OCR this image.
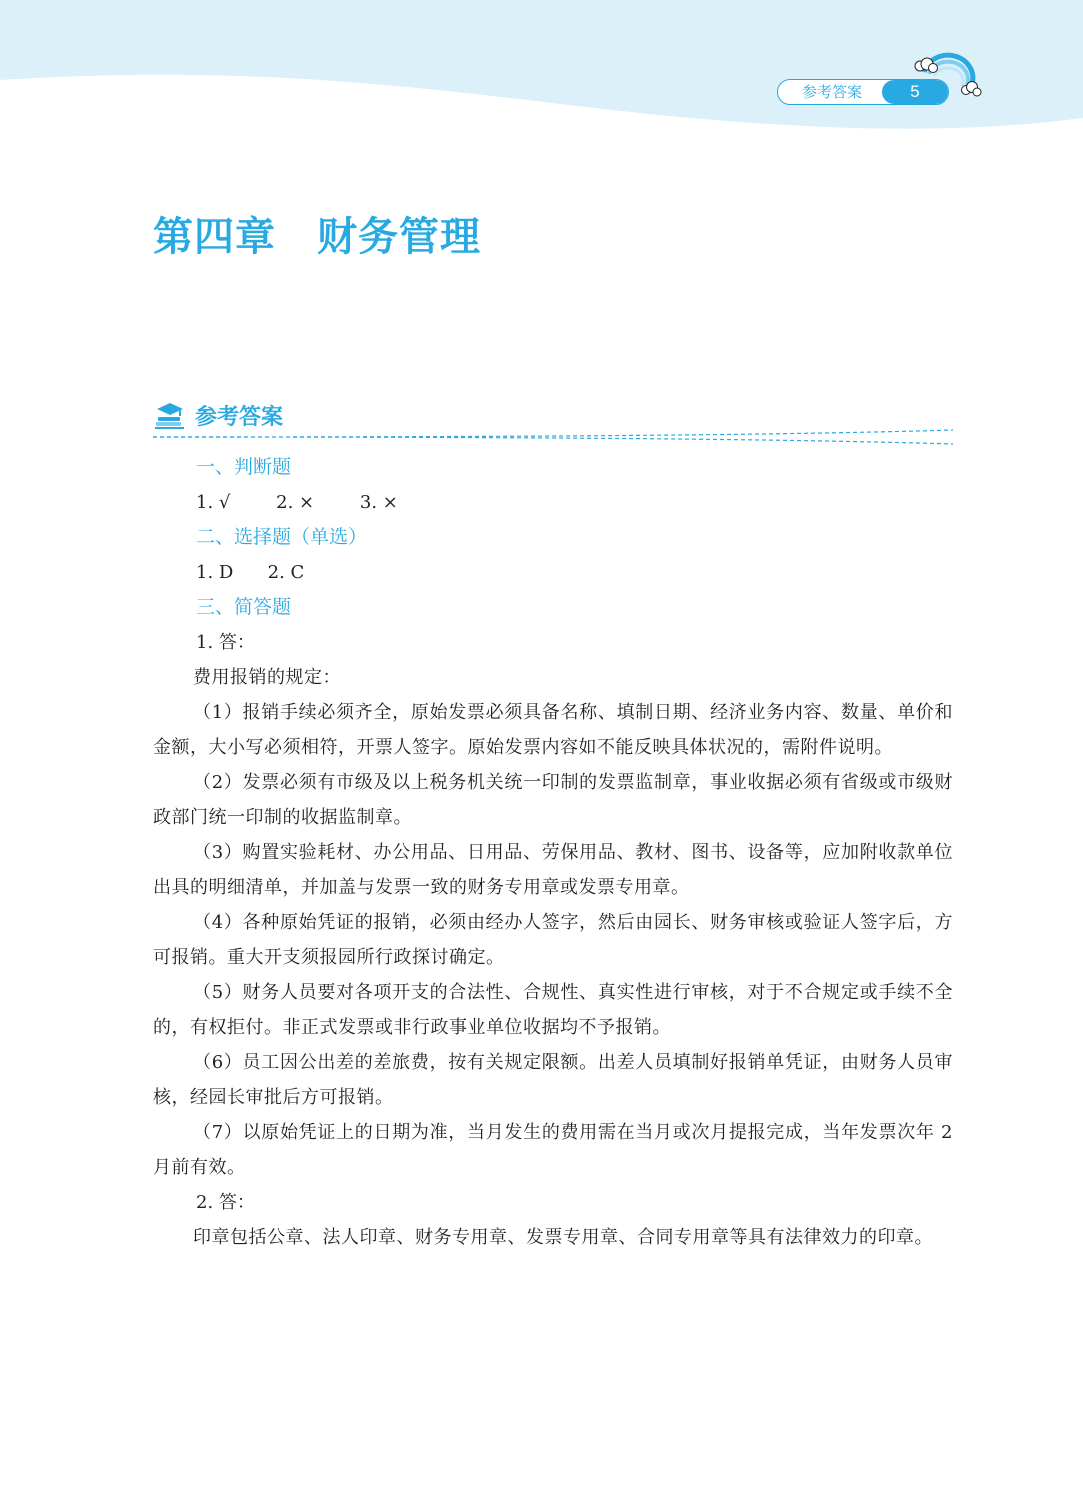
参考答案	5
第四章　财务管理
参考答案
一、判断题
1. √        2. ×        3. ×
二、选择题（单选）
1. D      2. C
三、简答题
1. 答：

费用报销的规定：

（1）报销手续必须齐全，原始发票必须具备名称、填制日期、经济业务内容、数量、单价和金额，大小写必须相符，开票人签字。原始发票内容如不能反映具体状况的，需附件说明。

（2）发票必须有市级及以上税务机关统一印制的发票监制章，事业收据必须有省级或市级财政部门统一印制的收据监制章。

（3）购置实验耗材、办公用品、日用品、劳保用品、教材、图书、设备等，应加附收款单位出具的明细清单，并加盖与发票一致的财务专用章或发票专用章。

（4）各种原始凭证的报销，必须由经办人签字，然后由园长、财务审核或验证人签字后，方可报销。重大开支须报园所行政探讨确定。

（5）财务人员要对各项开支的合法性、合规性、真实性进行审核，对于不合规定或手续不全的，有权拒付。非正式发票或非行政事业单位收据均不予报销。

（6）员工因公出差的差旅费，按有关规定限额。出差人员填制好报销单凭证，由财务人员审核，经园长审批后方可报销。

（7）以原始凭证上的日期为准，当月发生的费用需在当月或次月提报完成，当年发票次年 2 月前有效。

2. 答：

印章包括公章、法人印章、财务专用章、发票专用章、合同专用章等具有法律效力的印章。
